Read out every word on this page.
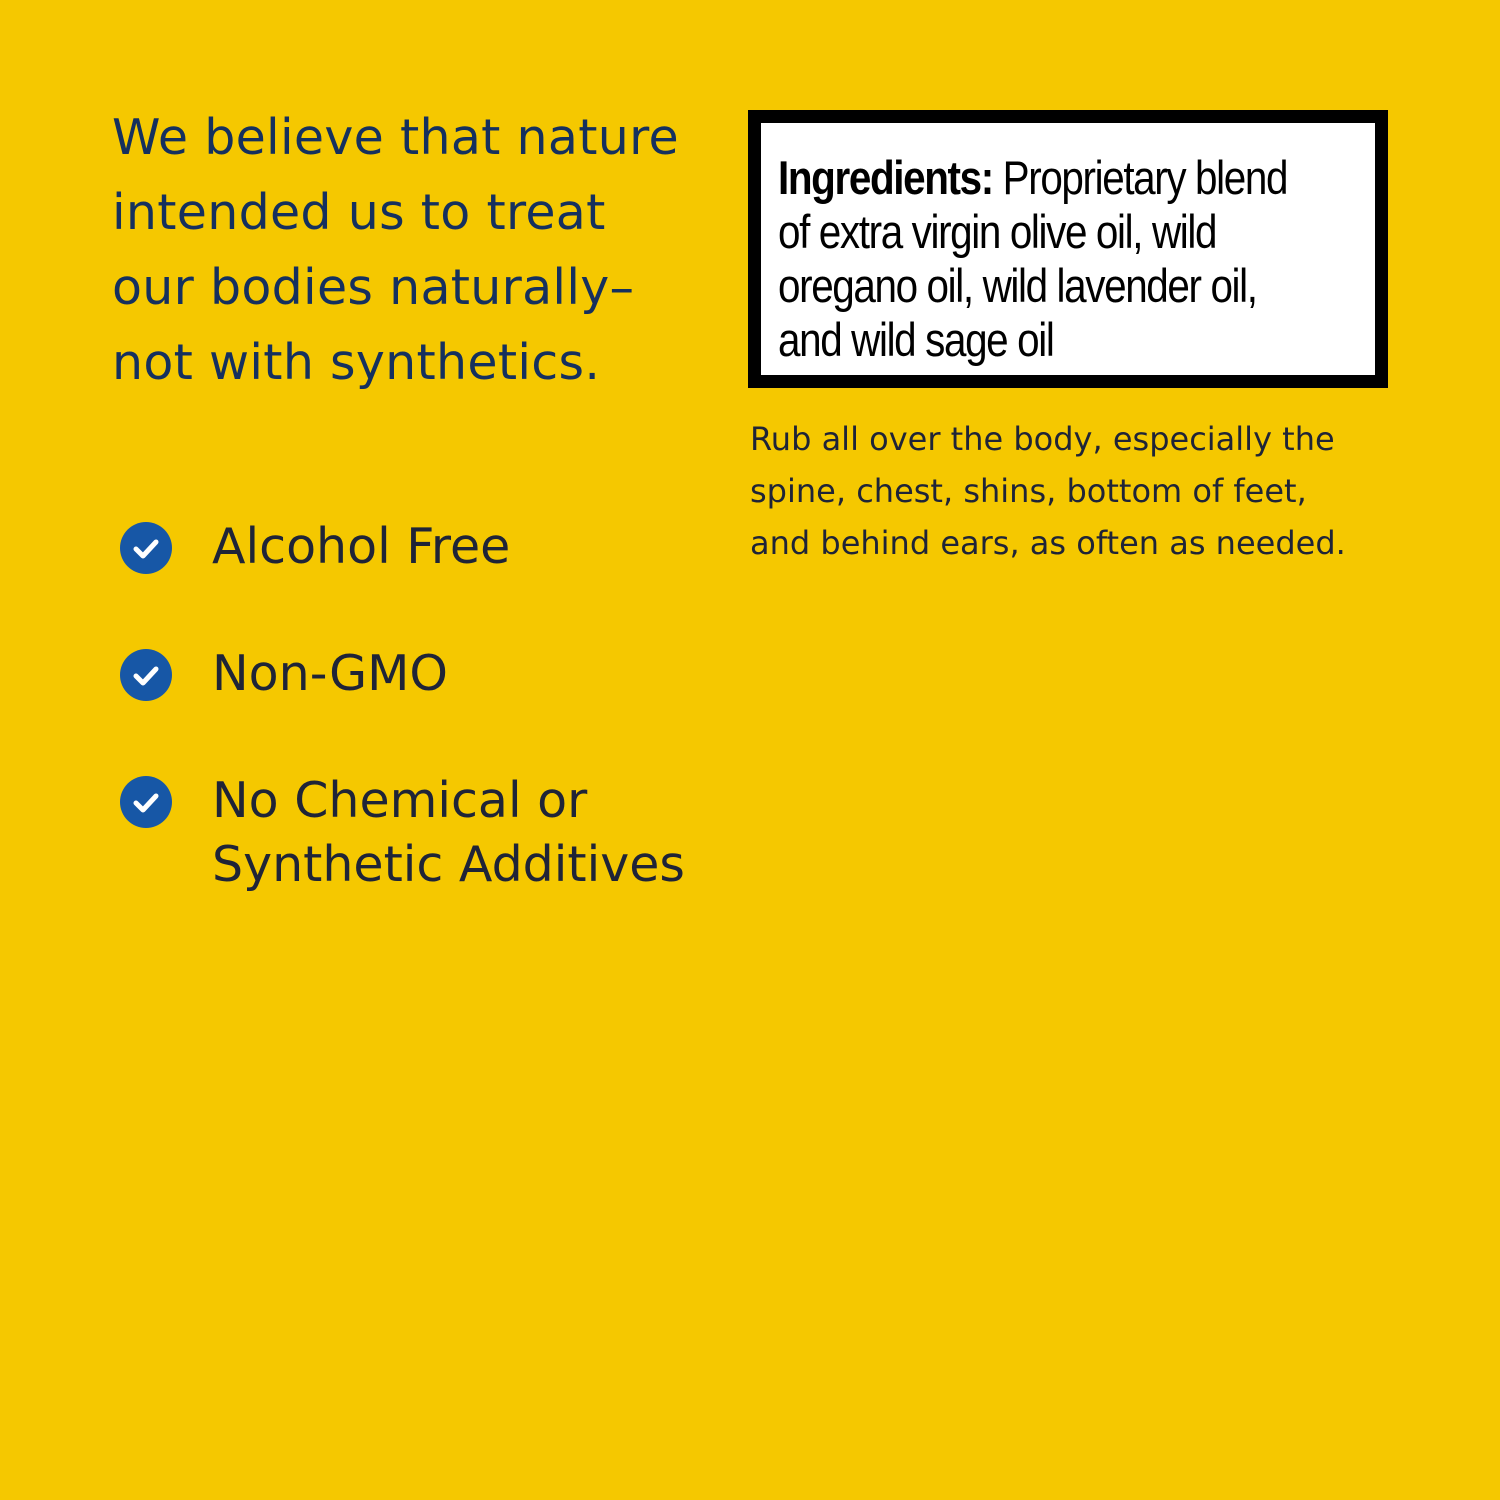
We believe that nature
intended us to treat
our bodies naturally–
not with synthetics.

Alcohol Free
Non-GMO
No Chemical or
Synthetic Additives
Ingredients: Proprietary blend
of extra virgin olive oil, wild
oregano oil, wild lavender oil,
and wild sage oil

Rub all over the body, especially the
spine, chest, shins, bottom of feet,
and behind ears, as often as needed.
